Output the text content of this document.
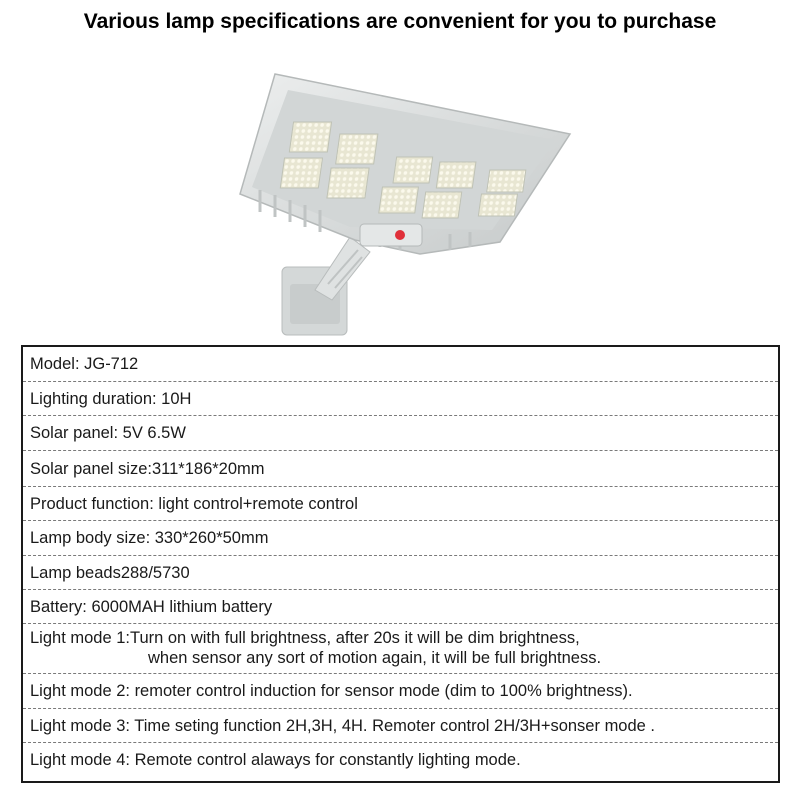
Various lamp specifications are convenient for you to purchase
Model: JG-712
Lighting duration: 10H
Solar panel: 5V 6.5W
Solar panel size:311*186*20mm
Product function: light control+remote control
Lamp body size: 330*260*50mm
Lamp beads288/5730
Battery: 6000MAH lithium battery
Light mode 1:Turn on with full brightness, after 20s it will be dim brightness,
when sensor any sort of motion again, it will be full brightness.
Light mode 2: remoter control induction for sensor mode (dim to 100% brightness).
Light mode 3: Time seting function 2H,3H, 4H. Remoter control 2H/3H+sonser mode .
Light mode 4: Remote control alaways for constantly lighting mode.
